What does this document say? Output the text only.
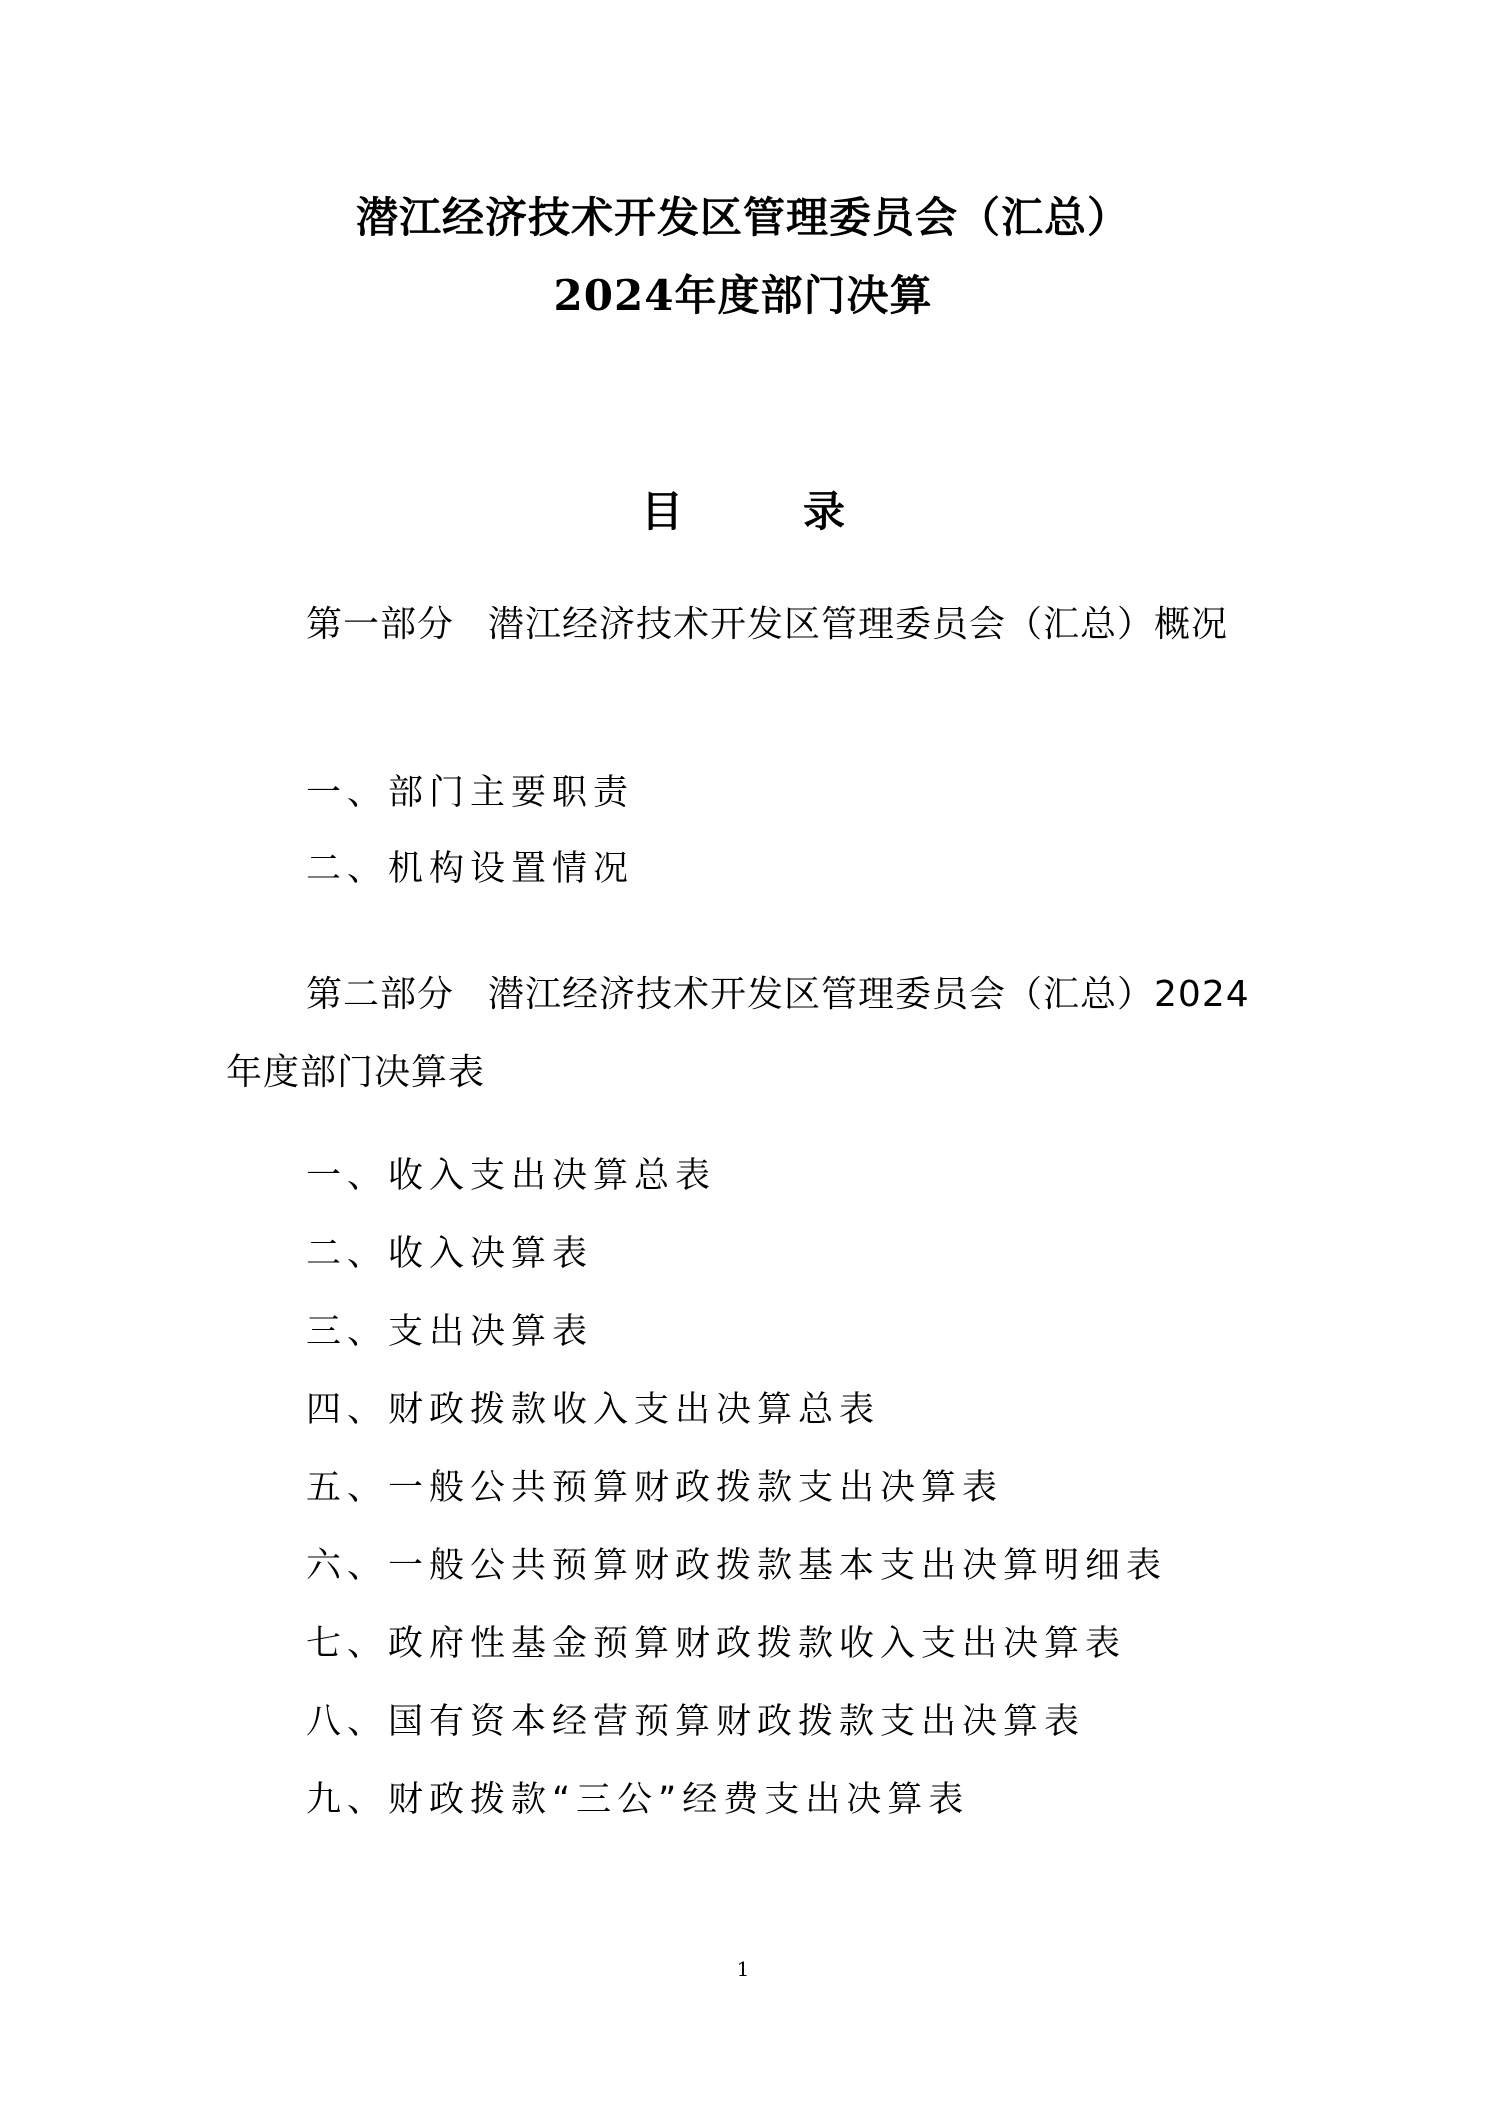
潜江经济技术开发区管理委员会（汇总）
2024年度部门决算
目	录
第一部分 潜江经济技术开发区管理委员会（汇总）概况
一、部门主要职责
二、机构设置情况
第二部分 潜江经济技术开发区管理委员会（汇总）2024年度部门决算表
一、收入支出决算总表
二、收入决算表
三、支出决算表
四、财政拨款收入支出决算总表
五、一般公共预算财政拨款支出决算表
六、一般公共预算财政拨款基本支出决算明细表
七、政府性基金预算财政拨款收入支出决算表
八、国有资本经营预算财政拨款支出决算表
九、财政拨款“三公”经费支出决算表
1
